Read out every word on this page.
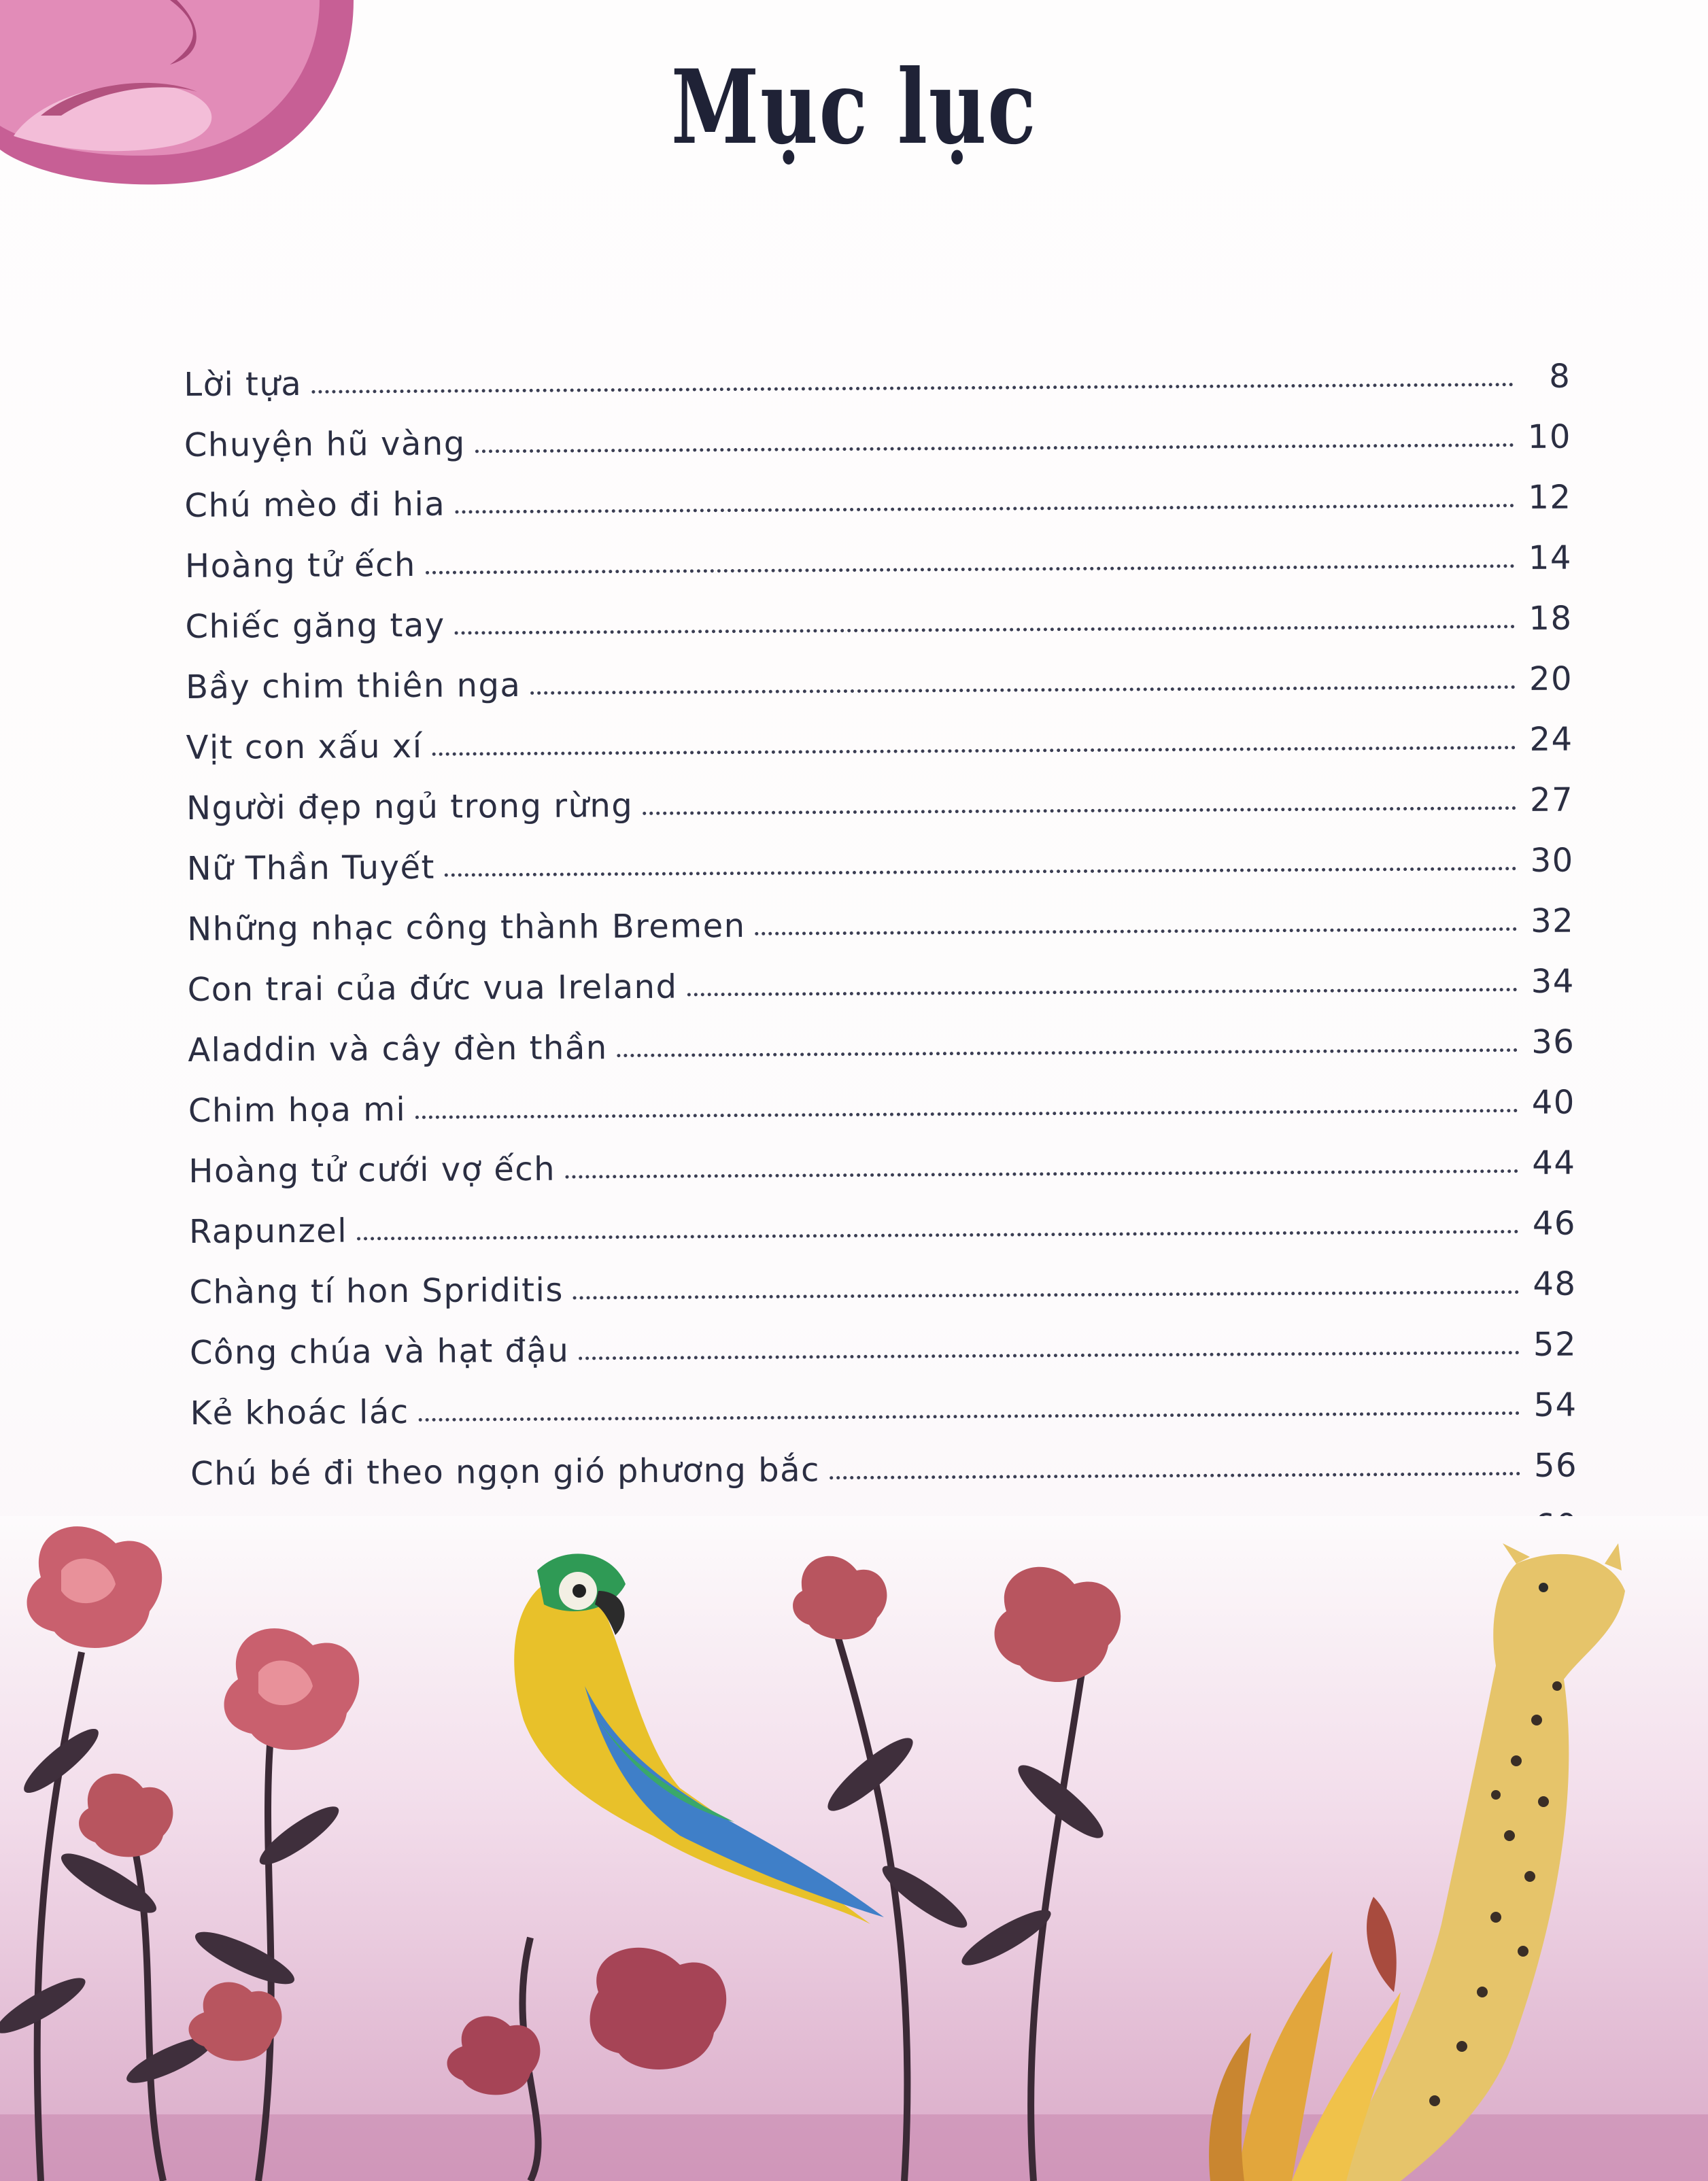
Mục lục
Lời tựa	8
Chuyện hũ vàng	10
Chú mèo đi hia	12
Hoàng tử ếch	14
Chiếc găng tay	18
Bầy chim thiên nga	20
Vịt con xấu xí	24
Người đẹp ngủ trong rừng	27
Nữ Thần Tuyết	30
Những nhạc công thành Bremen	32
Con trai của đức vua Ireland	34
Aladdin và cây đèn thần	36
Chim họa mi	40
Hoàng tử cưới vợ ếch	44
Rapunzel	46
Chàng tí hon Spriditis	48
Công chúa và hạt đậu	52
Kẻ khoác lác	54
Chú bé đi theo ngọn gió phương bắc	56
